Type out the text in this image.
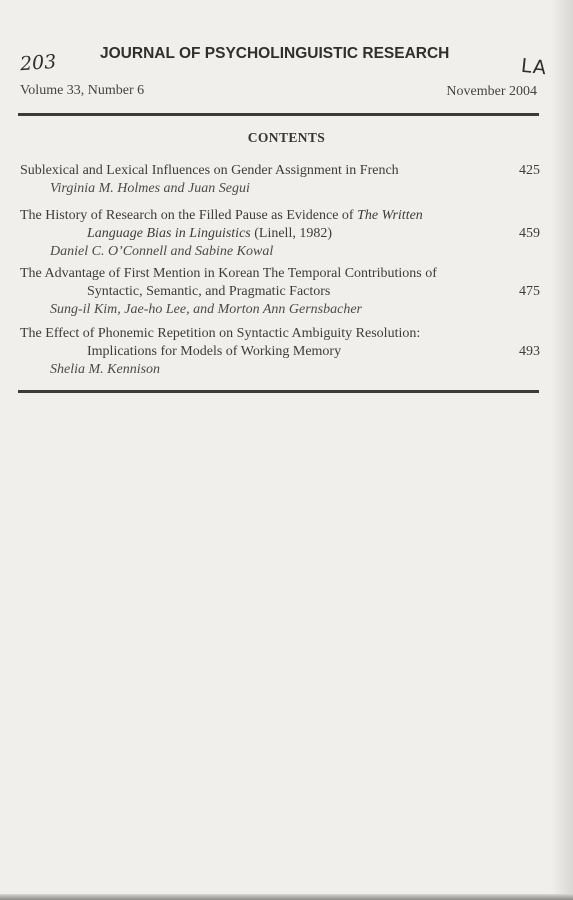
203	LA
JOURNAL OF PSYCHOLINGUISTIC RESEARCH
Volume 33, Number 6	November 2004
CONTENTS
Sublexical and Lexical Influences on Gender Assignment in French	425
Virginia M. Holmes and Juan Segui
The History of Research on the Filled Pause as Evidence of The Written
Language Bias in Linguistics (Linell, 1982)	459
Daniel C. O’Connell and Sabine Kowal
The Advantage of First Mention in Korean The Temporal Contributions of
Syntactic, Semantic, and Pragmatic Factors	475
Sung-il Kim, Jae-ho Lee, and Morton Ann Gernsbacher
The Effect of Phonemic Repetition on Syntactic Ambiguity Resolution:
Implications for Models of Working Memory	493
Shelia M. Kennison
